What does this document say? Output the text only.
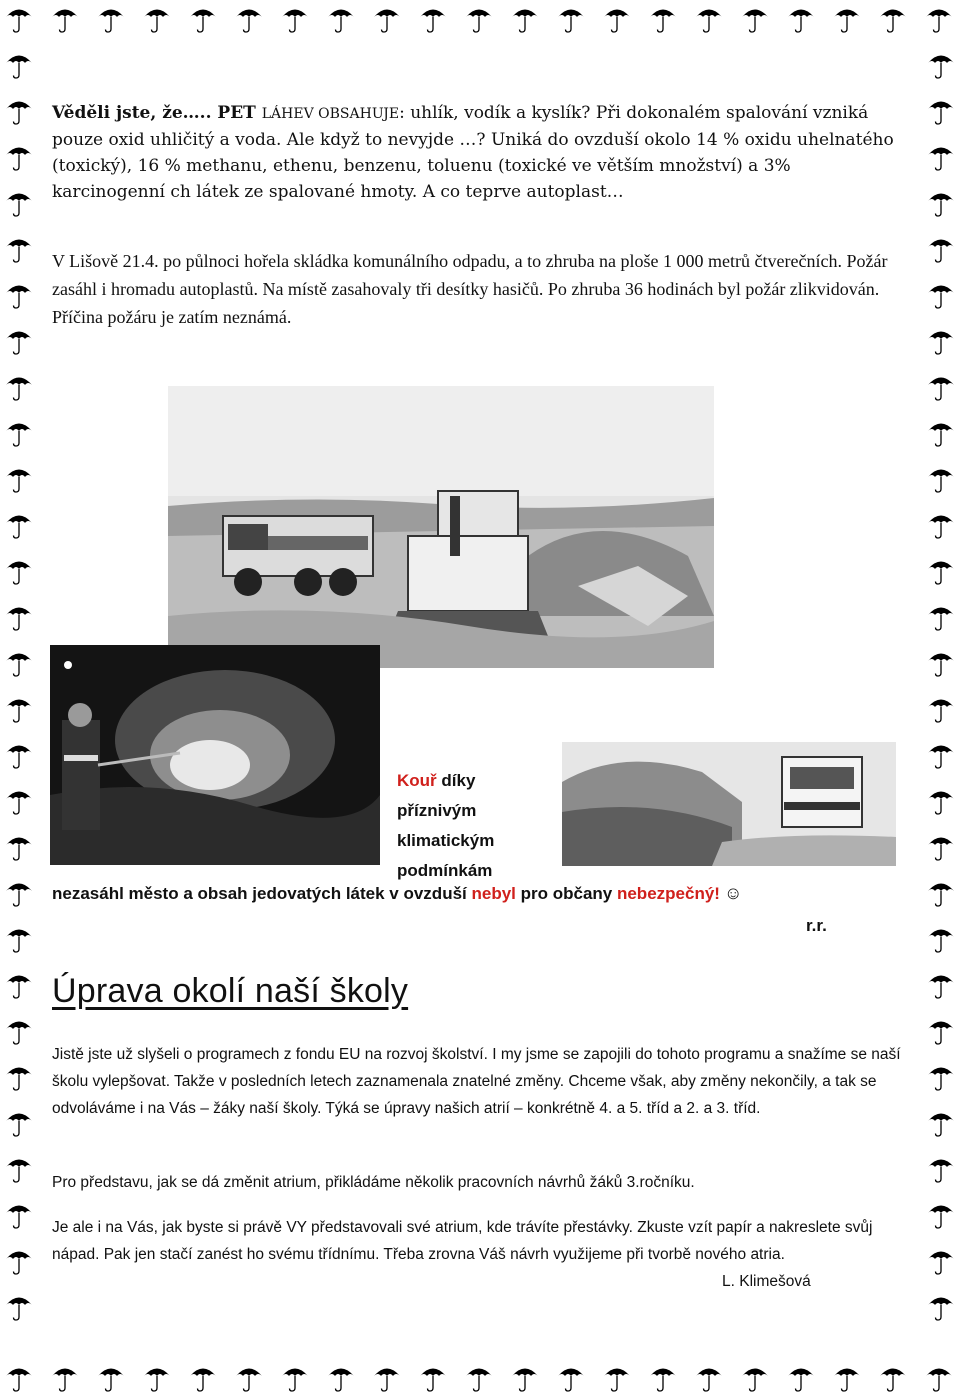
Věděli jste, že….. PET LÁHEV OBSAHUJE: uhlík, vodík a kyslík? Při dokonalém spalování vzniká pouze oxid uhličitý a voda. Ale když to nevyjde …? Uniká do ovzduší okolo 14 % oxidu uhelnatého (toxický), 16 % methanu, ethenu, benzenu, toluenu (toxické ve větším množství) a 3% karcinogenní ch látek ze spalované hmoty. A co teprve autoplast…
V Lišově 21.4. po půlnoci hořela skládka komunálního odpadu, a to zhruba na ploše 1 000 metrů čtverečních. Požár zasáhl i hromadu autoplastů. Na místě zasahovaly tři desítky hasičů. Po zhruba 36 hodinách byl požár zlikvidován. Příčina požáru je zatím neznámá.
Kouř díky
příznivým
klimatickým
podmínkám
nezasáhl město a obsah jedovatých látek v ovzduší nebyl pro občany nebezpečný! ☺
r.r.
Úprava okolí naší školy
Jistě jste už slyšeli o programech z fondu EU na rozvoj školství. I my jsme se zapojili do tohoto programu a snažíme se naší školu vylepšovat. Takže v posledních letech zaznamenala znatelné změny. Chceme však, aby změny nekončily, a tak se odvoláváme i na Vás – žáky naší školy. Týká se úpravy našich atrií – konkrétně 4. a 5. tříd a 2. a 3. tříd.
Pro představu, jak se dá změnit atrium, přikládáme několik pracovních návrhů žáků 3.ročníku.
Je ale i na Vás, jak byste si právě VY představovali své atrium, kde trávíte přestávky. Zkuste vzít papír a nakreslete svůj nápad. Pak jen stačí zanést ho svému třídnímu. Třeba zrovna Váš návrh využijeme při tvorbě nového atria.
L. Klimešová
